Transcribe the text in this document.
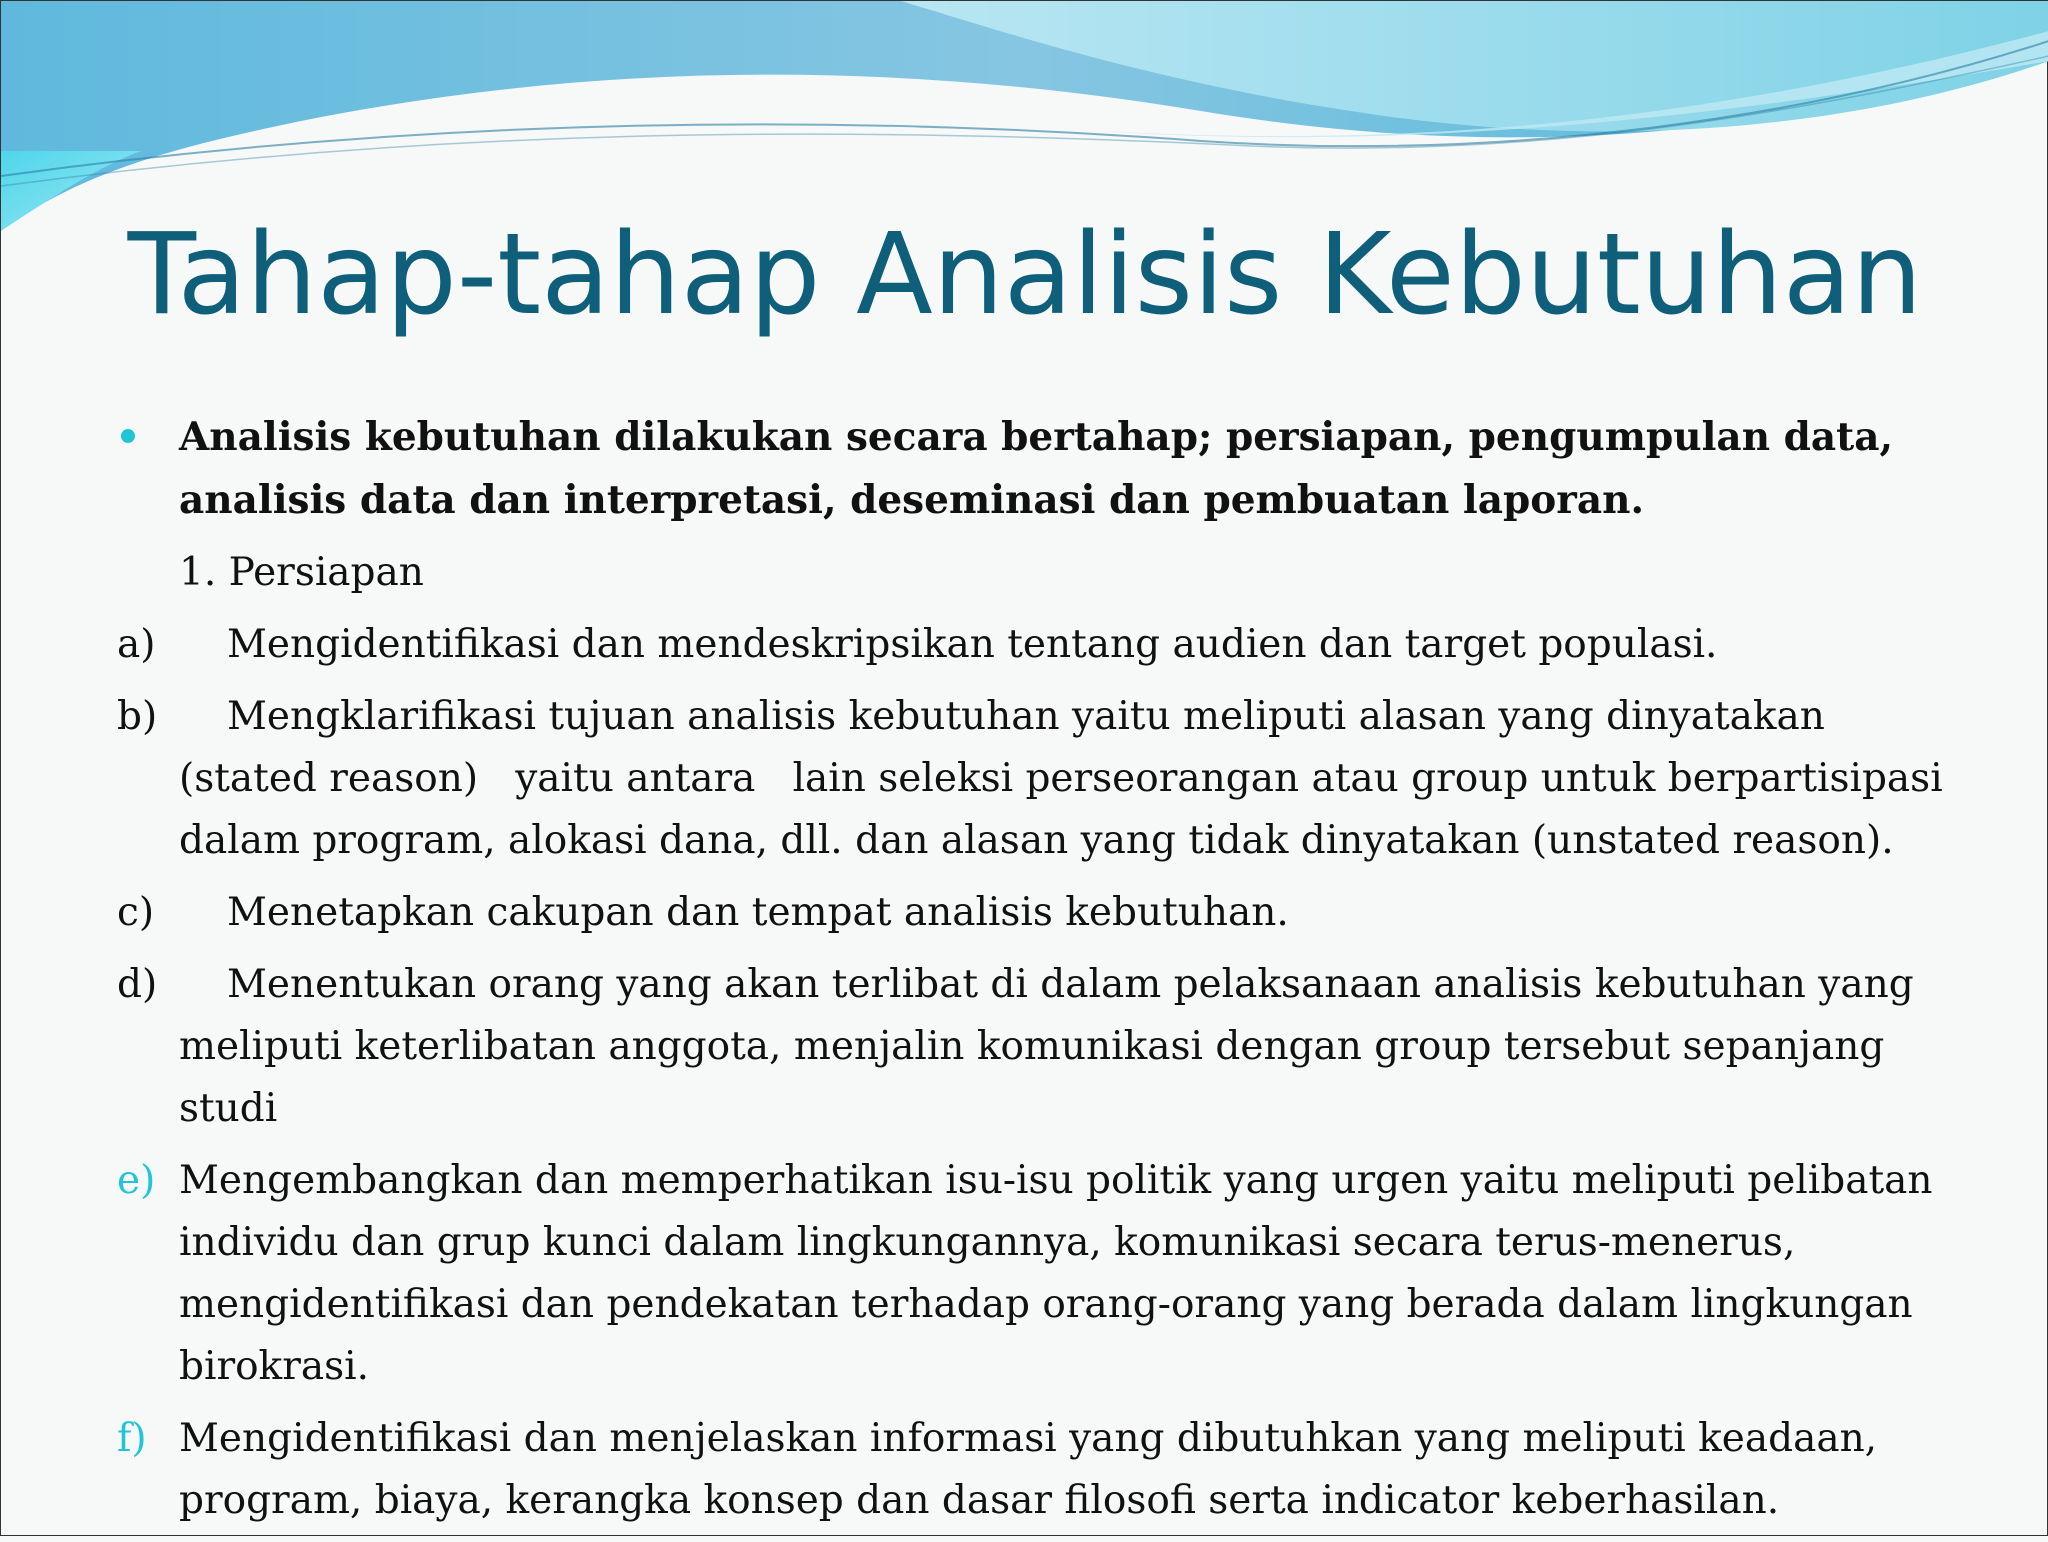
Tahap-tahap Analisis Kebutuhan
Analisis kebutuhan dilakukan secara bertahap; persiapan, pengumpulan data, analisis data dan interpretasi, deseminasi dan pembuatan laporan.
1. Persiapan
a) Mengidentifikasi dan mendeskripsikan tentang audien dan target populasi.
b) Mengklarifikasi tujuan analisis kebutuhan yaitu meliputi alasan yang dinyatakan (stated reason)   yaitu antara   lain seleksi perseorangan atau group untuk berpartisipasi dalam program, alokasi dana, dll. dan alasan yang tidak dinyatakan (unstated reason).
c) Menetapkan cakupan dan tempat analisis kebutuhan.
d) Menentukan orang yang akan terlibat di dalam pelaksanaan analisis kebutuhan yang meliputi keterlibatan anggota, menjalin komunikasi dengan group tersebut sepanjang studi
e) Mengembangkan dan memperhatikan isu-isu politik yang urgen yaitu meliputi pelibatan individu dan grup kunci dalam lingkungannya, komunikasi secara terus-menerus, mengidentifikasi dan pendekatan terhadap orang-orang yang berada dalam lingkungan birokrasi.
f) Mengidentifikasi dan menjelaskan informasi yang dibutuhkan yang meliputi keadaan, program, biaya, kerangka konsep dan dasar filosofi serta indicator keberhasilan.
